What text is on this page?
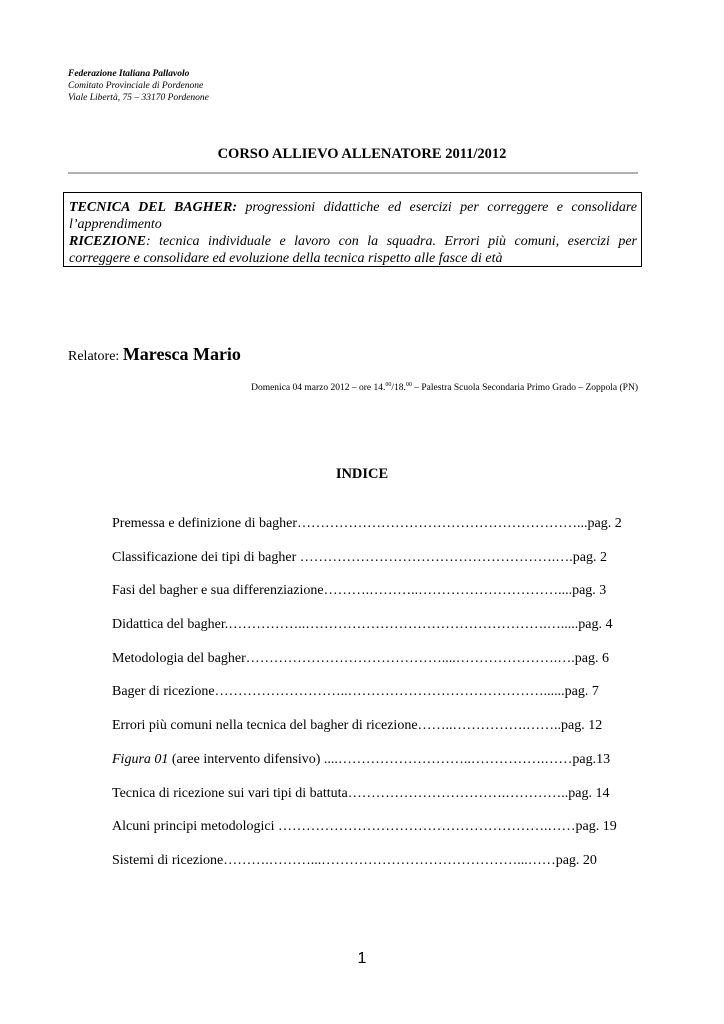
Federazione Italiana Pallavolo
Comitato Provinciale di Pordenone
Viale Libertà, 75 – 33170 Pordenone
CORSO ALLIEVO ALLENATORE 2011/2012

TECNICA DEL BAGHER: progressioni didattiche ed esercizi per correggere e consolidare l’apprendimento

RICEZIONE: tecnica individuale e lavoro con la squadra. Errori più comuni, esercizi per correggere e consolidare ed evoluzione della tecnica rispetto alle fasce di età

Relatore: Maresca Mario
Domenica 04 marzo 2012 – ore 14.00/18.00 – Palestra Scuola Secondaria Primo Grado – Zoppola (PN)
INDICE
Premessa e definizione di bagher……………………………………………………...pag. 2
Classificazione dei tipi di bagher ……………………………………………….….pag. 2
Fasi del bagher e sua differenziazione……….………..…………………………....pag. 3
Didattica del bagher.……………..…………………………………………….….....pag. 4
Metodologia del bagher……………………………………....………………….….pag. 6
Bager di ricezione………………………..……………………………………......pag. 7
Errori più comuni nella tecnica del bagher di ricezione……..…………….……..pag. 12
Figura 01 (aree intervento difensivo) ....………………………..…………….……pag.13
Tecnica di ricezione sui vari tipi di battuta…………………………….…………..pag. 14
Alcuni principi metodologici ………………………………………………….……pag. 19
Sistemi di ricezione……….………...……………………………………...……pag. 20
1
